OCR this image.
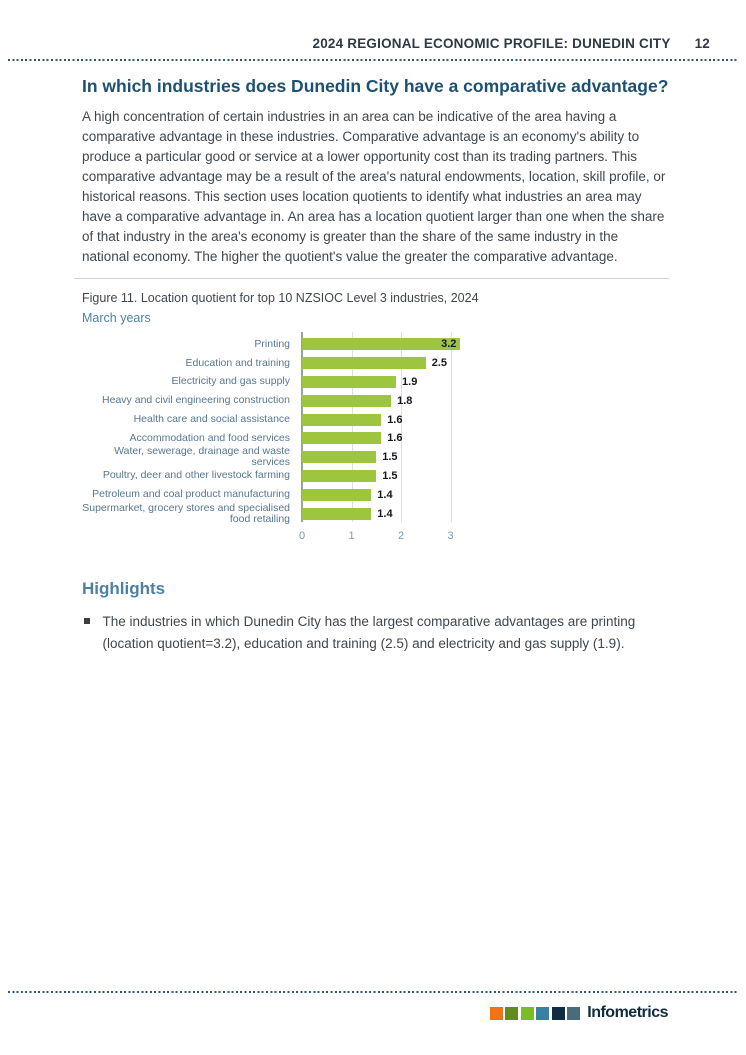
2024 REGIONAL ECONOMIC PROFILE: DUNEDIN CITY 12
In which industries does Dunedin City have a comparative advantage?

A high concentration of certain industries in an area can be indicative of the area having a comparative advantage in these industries. Comparative advantage is an economy's ability to produce a particular good or service at a lower opportunity cost than its trading partners. This comparative advantage may be a result of the area's natural endowments, location, skill profile, or historical reasons. This section uses location quotients to identify what industries an area may have a comparative advantage in. An area has a location quotient larger than one when the share of that industry in the area's economy is greater than the share of the same industry in the national economy. The higher the quotient's value the greater the comparative advantage.

Figure 11. Location quotient for top 10 NZSIOC Level 3 industries, 2024
March years
Printing
Education and training
Electricity and gas supply
Heavy and civil engineering construction
Health care and social assistance
Accommodation and food services
Water, sewerage, drainage and waste services
Poultry, deer and other livestock farming
Petroleum and coal product manufacturing
Supermarket, grocery stores and specialised food retailing
3.2
2.5
1.9
1.8
1.6
1.6
1.5
1.5
1.4
1.4
0	1	2	3
Highlights
The industries in which Dunedin City has the largest comparative advantages are printing (location quotient=3.2), education and training (2.5) and electricity and gas supply (1.9).
Infometrics
